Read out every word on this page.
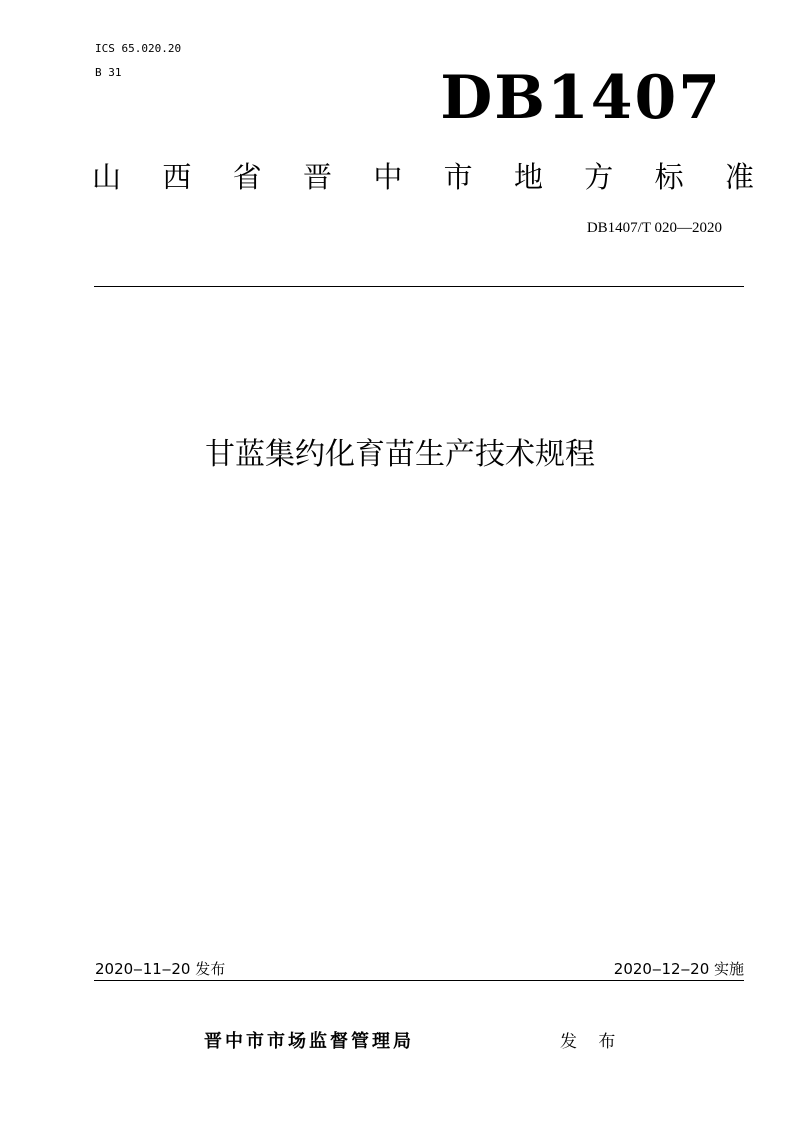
ICS 65.020.20
B 31	DB1407
山 西 省 晋 中 市 地 方 标 准
DB1407/T 020—2020
甘蓝集约化育苗生产技术规程
2020‒11‒20 发布	2020‒12‒20 实施
晋中市市场监督管理局	发 布
